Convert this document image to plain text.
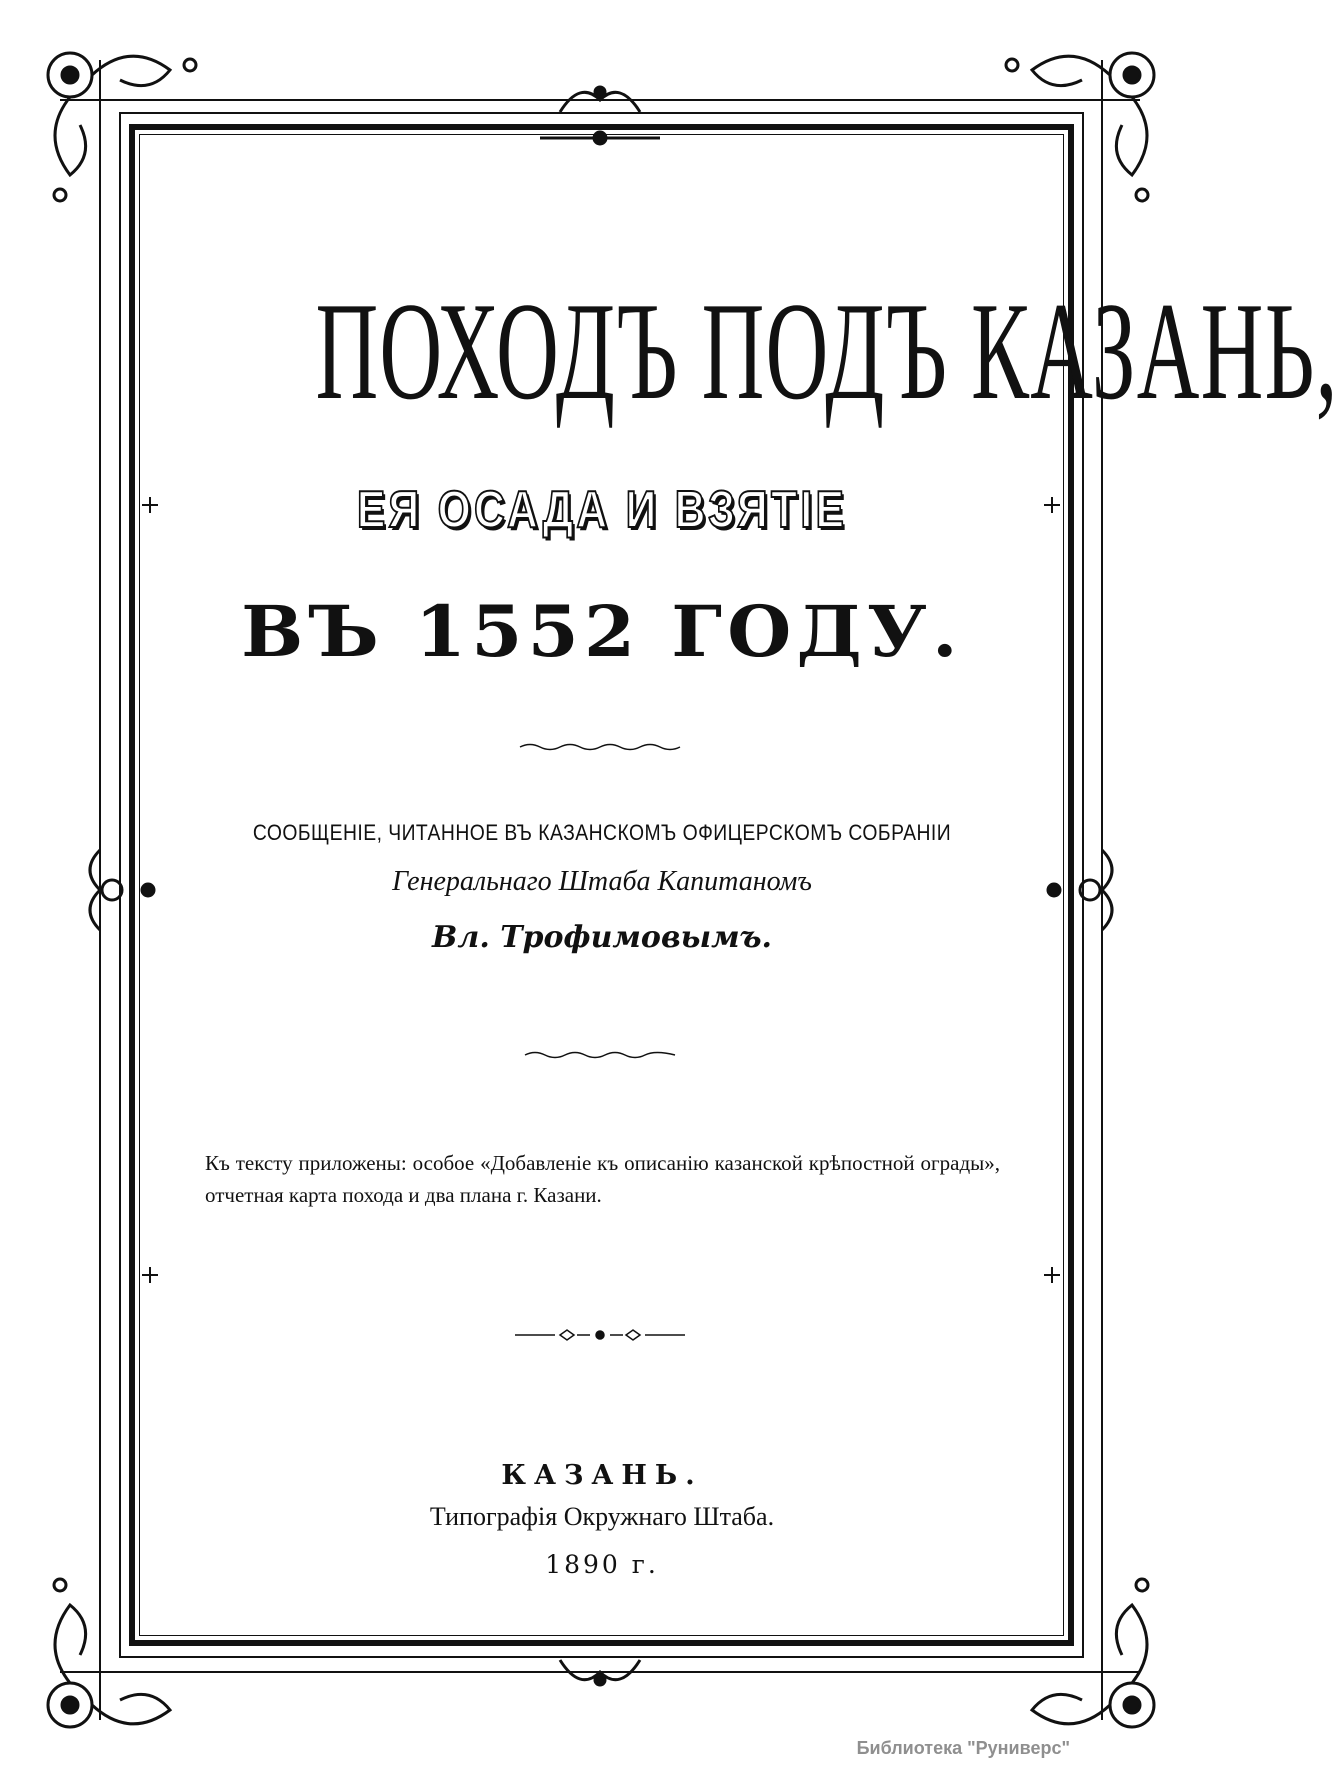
ПОХОДЪ ПОДЪ КАЗАНЬ,
ЕЯ ОСАДА И ВЗЯТІЕ
ВЪ 1552 ГОДУ.
СООБЩЕНІЕ, ЧИТАННОЕ ВЪ КАЗАНСКОМЪ ОФИЦЕРСКОМЪ СОБРАНІИ
Генеральнаго Штаба Капитаномъ
Вл. Трофимовымъ.
Къ тексту приложены: особое «Добавленіе къ описанію казанской крѣпостной ограды», отчетная карта похода и два плана г. Казани.
КАЗАНЬ.
Типографія Окружнаго Штаба.
1890 г.
Библиотека "Руниверс"
